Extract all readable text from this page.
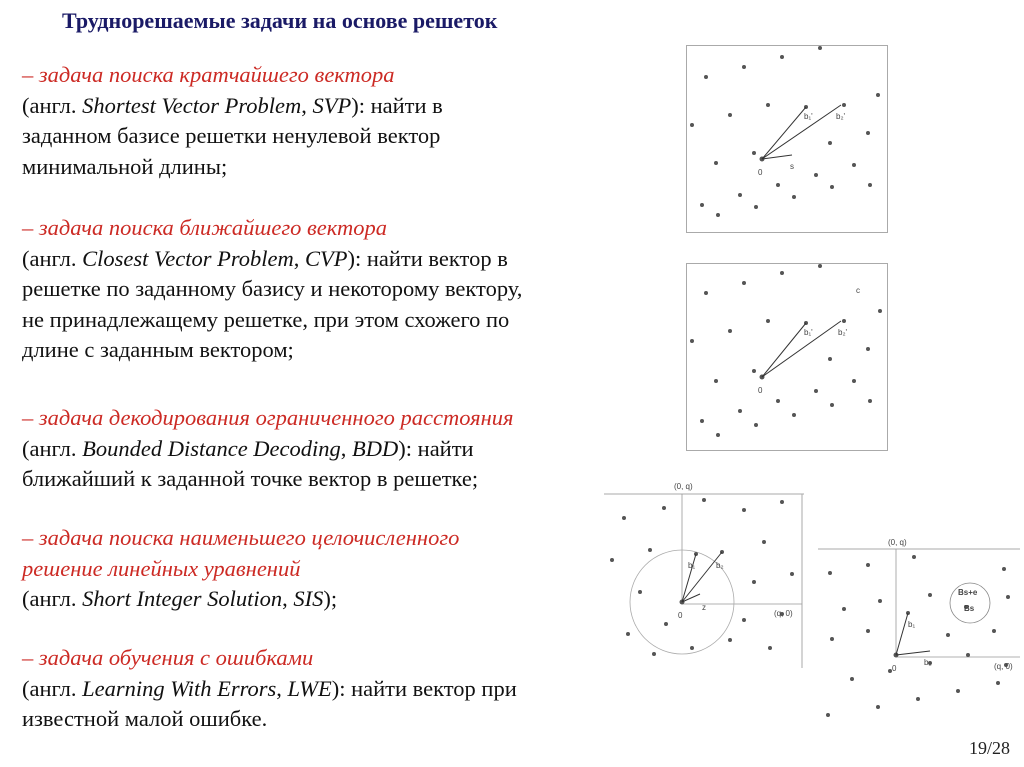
Труднорешаемые задачи на основе решеток
– задача поиска кратчайшего вектора
(англ. Shortest Vector Problem, SVP): найти в
заданном базисе решетки ненулевой вектор
минимальной длины;
– задача поиска ближайшего вектора
(англ. Closest Vector Problem, CVP): найти вектор в
решетке по заданному базису и некоторому вектору,
не принадлежащему решетке, при этом схожего по
длине с заданным вектором;
– задача декодирования ограниченного расстояния
(англ. Bounded Distance Decoding, BDD): найти
ближайший к заданной точке вектор в решетке;
– задача поиска наименьшего целочисленного
решение линейных уравнений
(англ. Short Integer Solution, SIS);
– задача обучения с ошибками
(англ. Learning With Errors, LWE): найти вектор при
известной малой ошибке.
0
b₁'	b₂'
s
0
b₁'	b₂'
c
(0, q)
(q, 0)
0
b₁	b₂
z
(0, q)
(q, 0)
0
b₁
b₂
Bs+e
Bs
19/28
